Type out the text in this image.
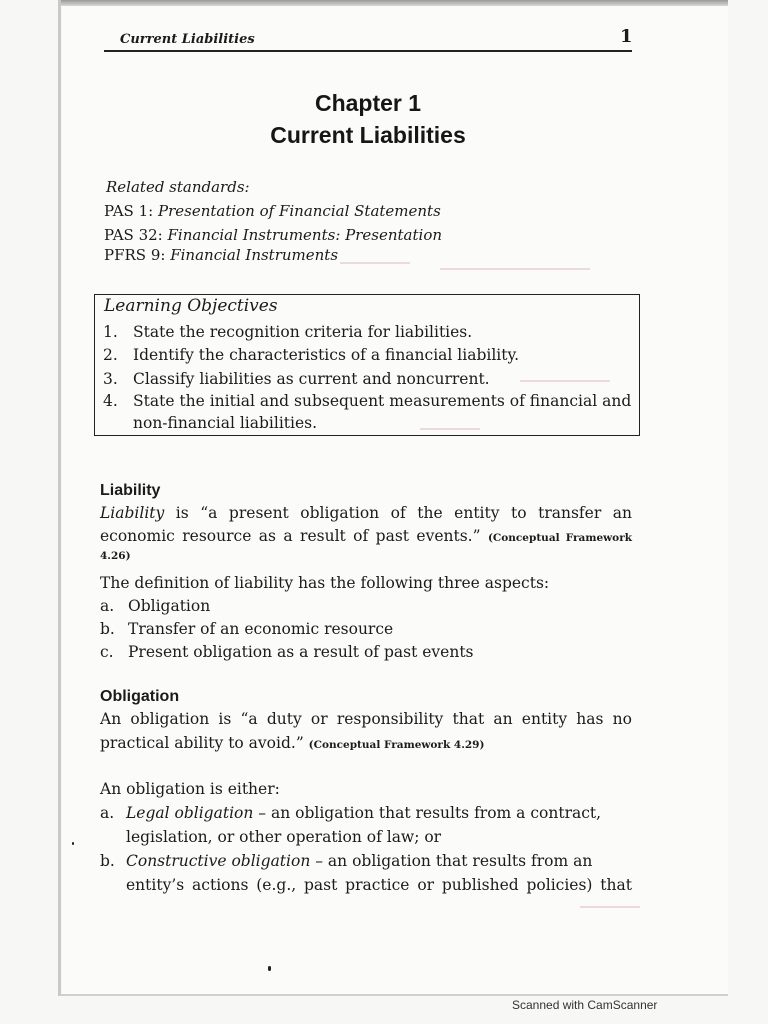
Current Liabilities	1
Chapter 1
Current Liabilities
Related standards:
PAS 1: Presentation of Financial Statements
PAS 32: Financial Instruments: Presentation
PFRS 9: Financial Instruments
Learning Objectives
1. State the recognition criteria for liabilities.
2. Identify the characteristics of a financial liability.
3. Classify liabilities as current and noncurrent.
4. State the initial and subsequent measurements of financial and
non-financial liabilities.
Liability
Liability is “a present obligation of the entity to transfer an
economic resource as a result of past events.” (Conceptual Framework 4.26)
The definition of liability has the following three aspects:
a. Obligation
b. Transfer of an economic resource
c. Present obligation as a result of past events
Obligation
An obligation is “a duty or responsibility that an entity has no
practical ability to avoid.” (Conceptual Framework 4.29)
An obligation is either:
a. Legal obligation – an obligation that results from a contract,
legislation, or other operation of law; or
b. Constructive obligation – an obligation that results from an
entity’s actions (e.g., past practice or published policies) that
Scanned with CamScanner
